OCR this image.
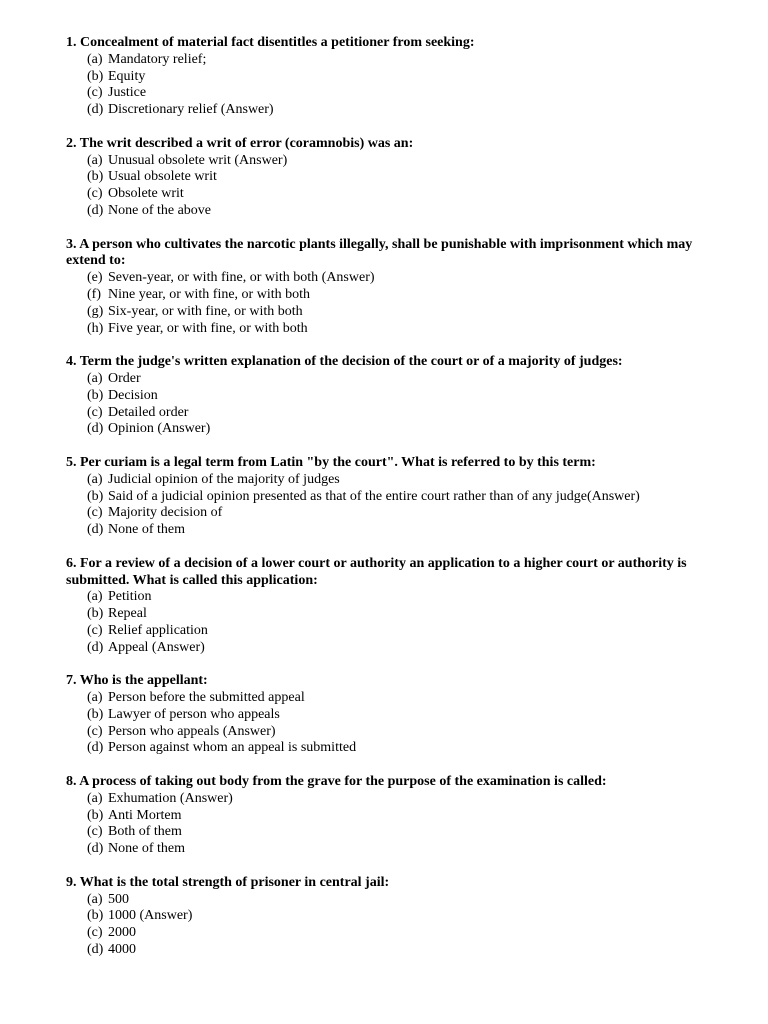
1. Concealment of material fact disentitles a petitioner from seeking:

(a) Mandatory relief;
(b) Equity
(c) Justice
(d) Discretionary relief (Answer)

2. The writ described a writ of error (coramnobis) was an:

(a) Unusual obsolete writ (Answer)
(b) Usual obsolete writ
(c) Obsolete writ
(d) None of the above

3. A person who cultivates the narcotic plants illegally, shall be punishable with imprisonment which may extend to:

(e) Seven-year, or with fine, or with both (Answer)
(f) Nine year, or with fine, or with both
(g) Six-year, or with fine, or with both
(h) Five year, or with fine, or with both

4. Term the judge's written explanation of the decision of the court or of a majority of judges:

(a) Order
(b) Decision
(c) Detailed order
(d) Opinion (Answer)

5. Per curiam is a legal term from Latin "by the court". What is referred to by this term:

(a) Judicial opinion of the majority of judges
(b) Said of a judicial opinion presented as that of the entire court rather than of any judge(Answer)
(c) Majority decision of
(d) None of them

6. For a review of a decision of a lower court or authority an application to a higher court or authority is submitted. What is called this application:

(a) Petition
(b) Repeal
(c) Relief application
(d) Appeal (Answer)

7. Who is the appellant:

(a) Person before the submitted appeal
(b) Lawyer of person who appeals
(c) Person who appeals (Answer)
(d) Person against whom an appeal is submitted

8. A process of taking out body from the grave for the purpose of the examination is called:

(a) Exhumation (Answer)
(b) Anti Mortem
(c) Both of them
(d) None of them

9. What is the total strength of prisoner in central jail:

(a) 500
(b) 1000 (Answer)
(c) 2000
(d) 4000
